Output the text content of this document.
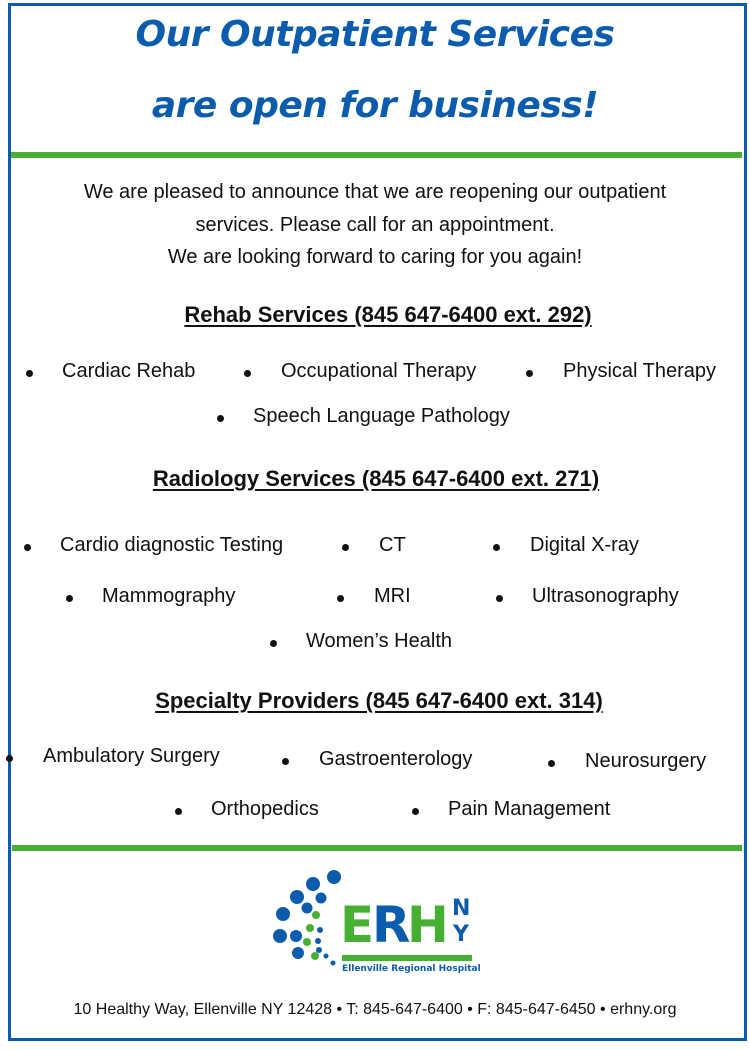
Our Outpatient Services
are open for business!
We are pleased to announce that we are reopening our outpatient
services. Please call for an appointment.
We are looking forward to caring for you again!
Rehab Services (845 647-6400 ext. 292)
Cardiac Rehab	Occupational Therapy	Physical Therapy
Speech Language Pathology
Radiology Services (845 647-6400 ext. 271)
Cardio diagnostic Testing	CT	Digital X-ray
Mammography	MRI	Ultrasonography
Women’s Health
Specialty Providers (845 647-6400 ext. 314)
Ambulatory Surgery	Gastroenterology	Neurosurgery
Orthopedics	Pain Management
E R H N
Y
Ellenville Regional Hospital
10 Healthy Way, Ellenville NY 12428 • T: 845-647-6400 • F: 845-647-6450 • erhny.org
